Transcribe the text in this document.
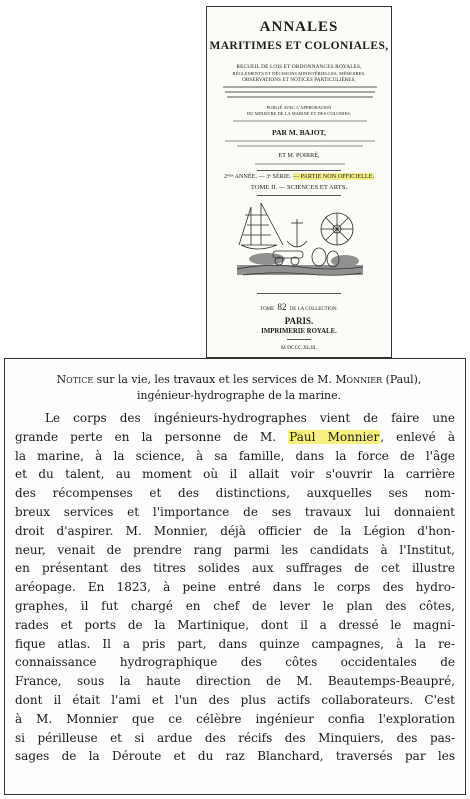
ANNALES
MARITIMES ET COLONIALES,
RECUEIL DE LOIS ET ORDONNANCES ROYALES,
RÈGLEMENTS ET DÉCISIONS MINISTÉRIELLES, MÉMOIRES,
OBSERVATIONS ET NOTICES PARTICULIÈRES,
PUBLIÉ AVEC L'APPROBATION
DU MINISTRE DE LA MARINE ET DES COLONIES,
PAR M. BAJOT,
ET M. POIRRÉ,
2ᵉᵐᵉ ANNÉE. — 3ᵉ SÉRIE. — PARTIE NON OFFICIELLE.
TOME II. — SCIENCES ET ARTS.
TOME 82 DE LA COLLECTION.
PARIS.
IMPRIMERIE ROYALE.
M DCCC XLIII.
Notice sur la vie, les travaux et les services de M. Monnier (Paul),
ingénieur-hydrographe de la marine.
Le corps des ingénieurs-hydrographes vient de faire une
grande perte en la personne de M. Paul Monnier, enlevé à
la marine, à la science, à sa famille, dans la force de l'âge
et du talent, au moment où il allait voir s'ouvrir la carrière
des récompenses et des distinctions, auxquelles ses nom-
breux services et l'importance de ses travaux lui donnaient
droit d'aspirer. M. Monnier, déjà officier de la Légion d'hon-
neur, venait de prendre rang parmi les candidats à l'Institut,
en présentant des titres solides aux suffrages de cet illustre
aréopage. En 1823, à peine entré dans le corps des hydro-
graphes, il fut chargé en chef de lever le plan des côtes,
rades et ports de la Martinique, dont il a dressé le magni-
fique atlas. Il a pris part, dans quinze campagnes, à la re-
connaissance hydrographique des côtes occidentales de
France, sous la haute direction de M. Beautemps-Beaupré,
dont il était l'ami et l'un des plus actifs collaborateurs. C'est
à M. Monnier que ce célèbre ingénieur confia l'exploration
si périlleuse et si ardue des récifs des Minquiers, des pas-
sages de la Déroute et du raz Blanchard, traversés par les
